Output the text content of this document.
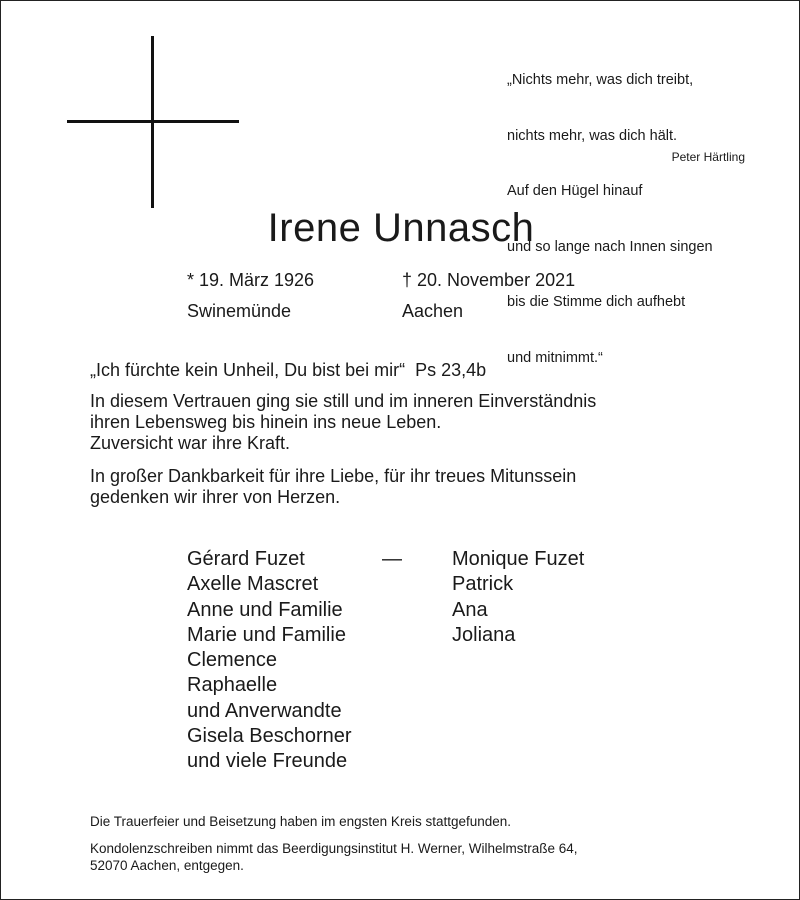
„Nichts mehr, was dich treibt,

nichts mehr, was dich hält.

Auf den Hügel hinauf

und so lange nach Innen singen

bis die Stimme dich aufhebt

und mitnimmt.“

Peter Härtling
Irene Unnasch
* 19. März 1926
Swinemünde
† 20. November 2021
Aachen
„Ich fürchte kein Unheil, Du bist bei mir“  Ps 23,4b
In diesem Vertrauen ging sie still und im inneren Einverständnis
ihren Lebensweg bis hinein ins neue Leben.
Zuversicht war ihre Kraft.
In großer Dankbarkeit für ihre Liebe, für ihr treues Mitunssein
gedenken wir ihrer von Herzen.
Gérard Fuzet
Axelle Mascret
Anne und Familie
Marie und Familie
Clemence
Raphaelle
und Anverwandte
Gisela Beschorner
und viele Freunde
—	Monique Fuzet
Patrick
Ana
Joliana
Die Trauerfeier und Beisetzung haben im engsten Kreis stattgefunden.
Kondolenzschreiben nimmt das Beerdigungsinstitut H. Werner, Wilhelmstraße 64,
52070 Aachen, entgegen.
